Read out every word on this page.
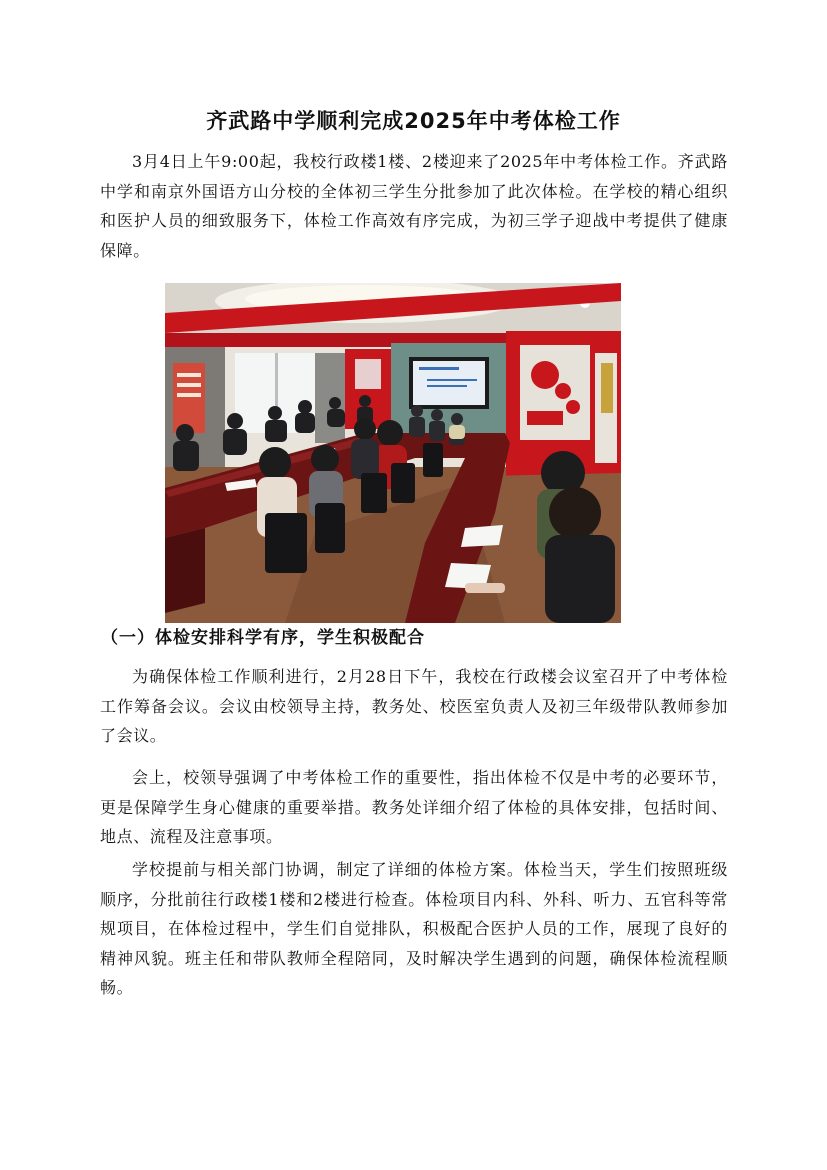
齐武路中学顺利完成2025年中考体检工作

3月4日上午9:00起，我校行政楼1楼、2楼迎来了2025年中考体检工作。齐武路中学和南京外国语方山分校的全体初三学生分批参加了此次体检。在学校的精心组织和医护人员的细致服务下，体检工作高效有序完成，为初三学子迎战中考提供了健康保障。

（一）体检安排科学有序，学生积极配合

为确保体检工作顺利进行，2月28日下午，我校在行政楼会议室召开了中考体检工作筹备会议。会议由校领导主持，教务处、校医室负责人及初三年级带队教师参加了会议。

会上，校领导强调了中考体检工作的重要性，指出体检不仅是中考的必要环节，更是保障学生身心健康的重要举措。教务处详细介绍了体检的具体安排，包括时间、地点、流程及注意事项。

学校提前与相关部门协调，制定了详细的体检方案。体检当天，学生们按照班级顺序，分批前往行政楼1楼和2楼进行检查。体检项目内科、外科、听力、五官科等常规项目，在体检过程中，学生们自觉排队，积极配合医护人员的工作，展现了良好的精神风貌。班主任和带队教师全程陪同，及时解决学生遇到的问题，确保体检流程顺畅。
